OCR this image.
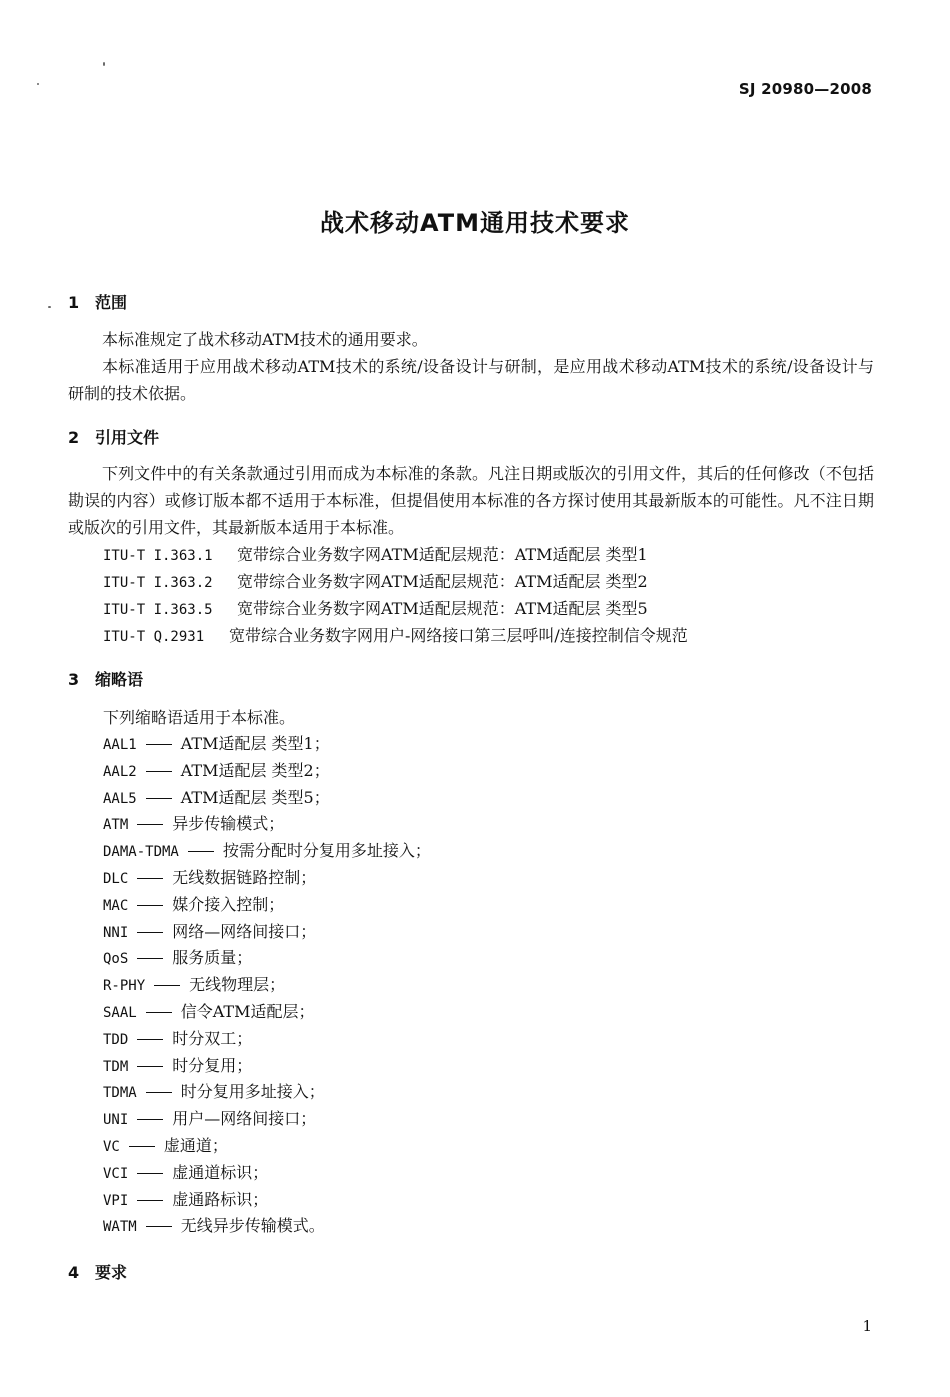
SJ 20980—2008
战术移动ATM通用技术要求
1 范围
本标准规定了战术移动ATM技术的通用要求。
本标准适用于应用战术移动ATM技术的系统/设备设计与研制，是应用战术移动ATM技术的系统/设备设计与研制的技术依据。
2 引用文件
下列文件中的有关条款通过引用而成为本标准的条款。凡注日期或版次的引用文件，其后的任何修改（不包括勘误的内容）或修订版本都不适用于本标准，但提倡使用本标准的各方探讨使用其最新版本的可能性。凡不注日期或版次的引用文件，其最新版本适用于本标准。
ITU-T I.363.1 宽带综合业务数字网ATM适配层规范：ATM适配层 类型1
ITU-T I.363.2 宽带综合业务数字网ATM适配层规范：ATM适配层 类型2
ITU-T I.363.5 宽带综合业务数字网ATM适配层规范：ATM适配层 类型5
ITU-T Q.2931 宽带综合业务数字网用户-网络接口第三层呼叫/连接控制信令规范
3 缩略语
下列缩略语适用于本标准。
AAL1	ATM适配层 类型1；
AAL2	ATM适配层 类型2；
AAL5	ATM适配层 类型5；
ATM	异步传输模式；
DAMA-TDMA	按需分配时分复用多址接入；
DLC	无线数据链路控制；
MAC	媒介接入控制；
NNI	网络—网络间接口；
QoS	服务质量；
R-PHY	无线物理层；
SAAL	信令ATM适配层；
TDD	时分双工；
TDM	时分复用；
TDMA	时分复用多址接入；
UNI	用户—网络间接口；
VC	虚通道；
VCI	虚通道标识；
VPI	虚通路标识；
WATM	无线异步传输模式。
4 要求
1
